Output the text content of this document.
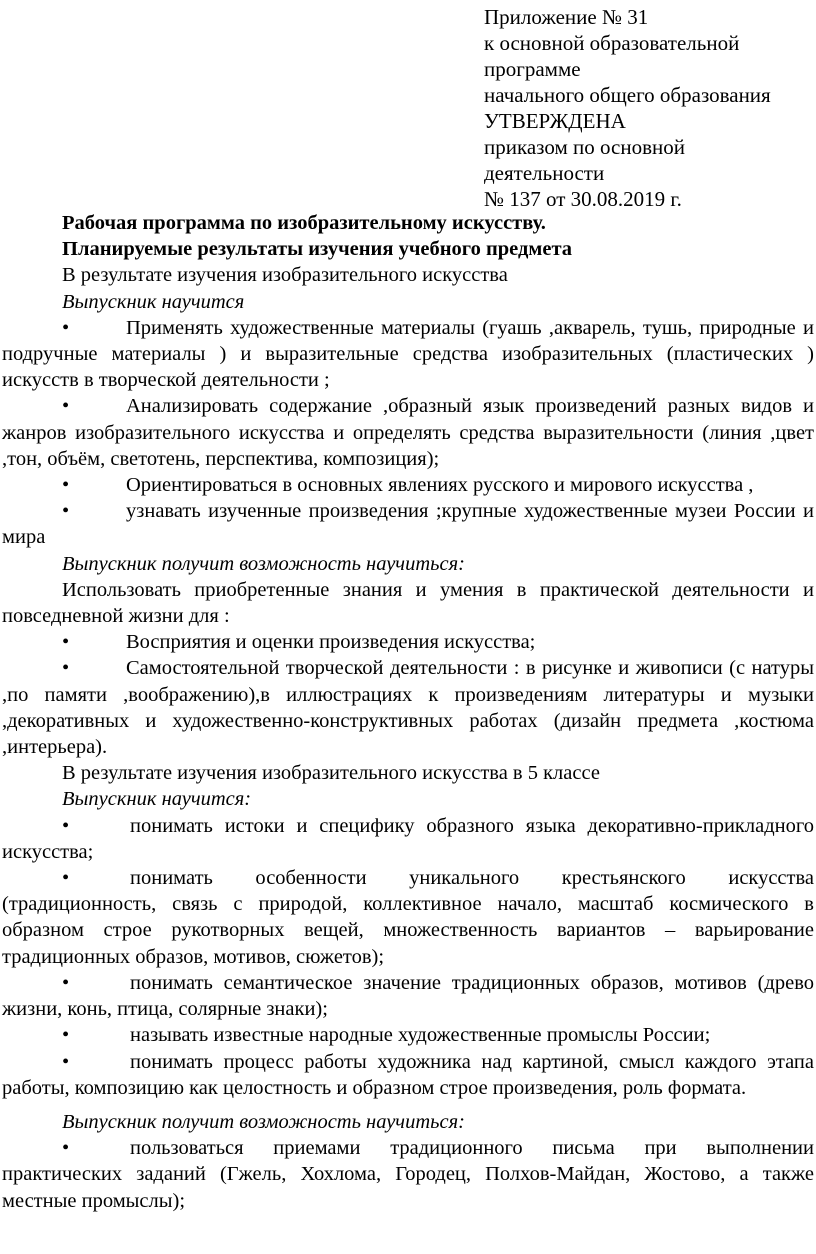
Приложение № 31
к основной образовательной
программе
начального общего образования
УТВЕРЖДЕНА
приказом по основной
деятельности
№ 137 от 30.08.2019 г.

Рабочая программа по изобразительному искусству.

Планируемые результаты изучения учебного предмета

В результате изучения изобразительного искусства

Выпускник научится

•	Применять художественные материалы (гуашь ,акварель, тушь, природные и подручные материалы ) и выразительные средства изобразительных (пластических ) искусств в творческой деятельности ;

•	Анализировать содержание ,образный язык произведений разных видов и жанров изобразительного искусства и определять средства выразительности (линия ,цвет ,тон, объём, светотень, перспектива, композиция);

•	Ориентироваться в основных явлениях русского и мирового искусства ,

•	узнавать изученные произведения ;крупные художественные музеи России и мира

Выпускник получит возможность научиться:

Использовать приобретенные знания и умения в практической деятельности и повседневной жизни для :

•	Восприятия и оценки произведения искусства;

•	Самостоятельной творческой деятельности : в рисунке и живописи (с натуры ,по памяти ,воображению),в иллюстрациях к произведениям литературы и музыки ,декоративных и художественно-конструктивных работах (дизайн предмета ,костюма ,интерьера).

В результате изучения изобразительного искусства в 5 классе

Выпускник научится:

•	понимать истоки и специфику образного языка декоративно-прикладного искусства;

•	понимать особенности уникального крестьянского искусства (традиционность, связь с природой, коллективное начало, масштаб космического в образном строе рукотворных вещей, множественность вариантов – варьирование традиционных образов, мотивов, сюжетов);

•	понимать семантическое значение традиционных образов, мотивов (древо жизни, конь, птица, солярные знаки);

•	называть известные народные художественные промыслы России;

•	понимать процесс работы художника над картиной, смысл каждого этапа работы, композицию как целостность и образном строе произведения, роль формата.

Выпускник получит возможность научиться:

•	пользоваться приемами традиционного письма при выполнении практических заданий (Гжель, Хохлома, Городец, Полхов-Майдан, Жостово, а также местные промыслы);
